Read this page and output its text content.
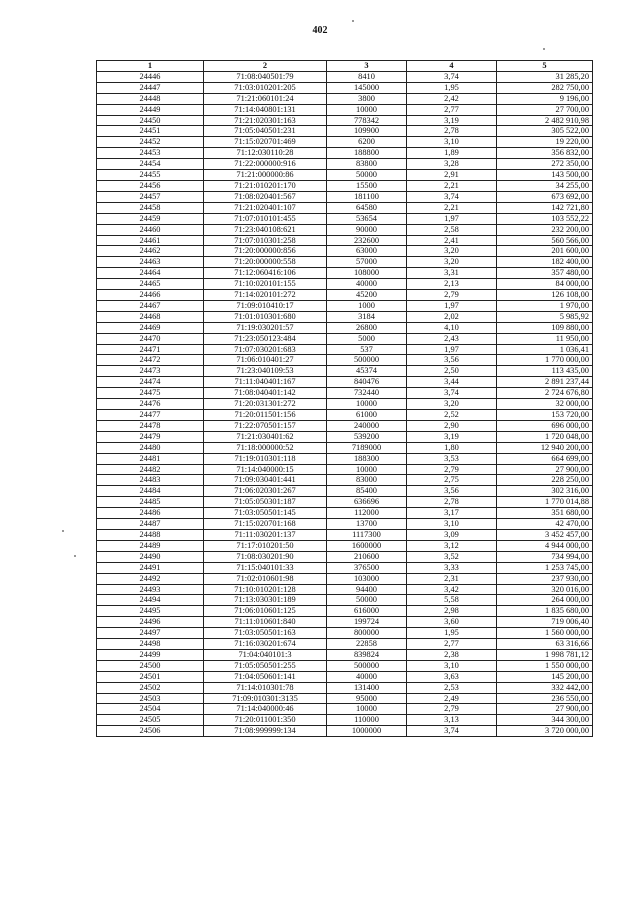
402
1	2	3	4	5
24446	71:08:040501:79	8410	3,74	31 285,20
24447	71:03:010201:205	145000	1,95	282 750,00
24448	71:21:060101:24	3800	2,42	9 196,00
24449	71:14:040801:131	10000	2,77	27 700,00
24450	71:21:020301:163	778342	3,19	2 482 910,98
24451	71:05:040501:231	109900	2,78	305 522,00
24452	71:15:020701:469	6200	3,10	19 220,00
24453	71:12:030110:28	188800	1,89	356 832,00
24454	71:22:000000:916	83800	3,28	272 350,00
24455	71:21:000000:86	50000	2,91	143 500,00
24456	71:21:010201:170	15500	2,21	34 255,00
24457	71:08:020401:567	181100	3,74	673 692,00
24458	71:21:020401:107	64580	2,21	142 721,80
24459	71:07:010101:455	53654	1,97	103 552,22
24460	71:23:040108:621	90000	2,58	232 200,00
24461	71:07:010301:258	232600	2,41	560 566,00
24462	71:20:000000:856	63000	3,20	201 600,00
24463	71:20:000000:558	57000	3,20	182 400,00
24464	71:12:060416:106	108000	3,31	357 480,00
24465	71:10:020101:155	40000	2,13	84 000,00
24466	71:14:020101:272	45200	2,79	126 108,00
24467	71:09:010410:17	1000	1,97	1 970,00
24468	71:01:010301:680	3184	2,02	5 985,92
24469	71:19:030201:57	26800	4,10	109 880,00
24470	71:23:050123:484	5000	2,43	11 950,00
24471	71:07:030201:683	537	1,97	1 036,41
24472	71:06:010401:27	500000	3,56	1 770 000,00
24473	71:23:040109:53	45374	2,50	113 435,00
24474	71:11:040401:167	840476	3,44	2 891 237,44
24475	71:08:040401:142	732440	3,74	2 724 676,80
24476	71:20:031301:272	10000	3,20	32 000,00
24477	71:20:011501:156	61000	2,52	153 720,00
24478	71:22:070501:157	240000	2,90	696 000,00
24479	71:21:030401:62	539200	3,19	1 720 048,00
24480	71:18:000000:52	7189000	1,80	12 940 200,00
24481	71:19:010301:118	188300	3,53	664 699,00
24482	71:14:040000:15	10000	2,79	27 900,00
24483	71:09:030401:441	83000	2,75	228 250,00
24484	71:06:020301:267	85400	3,56	302 316,00
24485	71:05:050301:187	636696	2,78	1 770 014,88
24486	71:03:050501:145	112000	3,17	351 680,00
24487	71:15:020701:168	13700	3,10	42 470,00
24488	71:11:030201:137	1117300	3,09	3 452 457,00
24489	71:17:010201:50	1600000	3,12	4 944 000,00
24490	71:08:030201:90	210600	3,52	734 994,00
24491	71:15:040101:33	376500	3,33	1 253 745,00
24492	71:02:010601:98	103000	2,31	237 930,00
24493	71:10:010201:128	94400	3,42	320 016,00
24494	71:13:030301:189	50000	5,58	264 000,00
24495	71:06:010601:125	616000	2,98	1 835 680,00
24496	71:11:010601:840	199724	3,60	719 006,40
24497	71:03:050501:163	800000	1,95	1 560 000,00
24498	71:16:030201:674	22858	2,77	63 316,66
24499	71:04:040101:3	839824	2,38	1 998 781,12
24500	71:05:050501:255	500000	3,10	1 550 000,00
24501	71:04:050601:141	40000	3,63	145 200,00
24502	71:14:010301:78	131400	2,53	332 442,00
24503	71:09:010301:3135	95000	2,49	236 550,00
24504	71:14:040000:46	10000	2,79	27 900,00
24505	71:20:011001:350	110000	3,13	344 300,00
24506	71:08:999999:134	1000000	3,74	3 720 000,00
